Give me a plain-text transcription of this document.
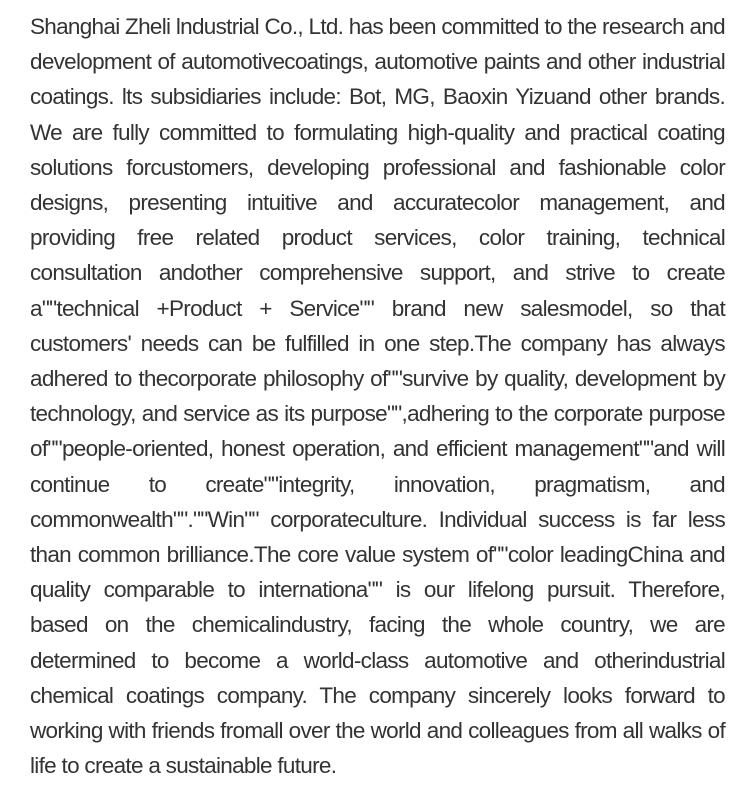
Shanghai Zheli lndustrial Co., Ltd. has been committed to the research and development of automotivecoatings, automotive paints and other industrial coatings. lts subsidiaries include: Bot, MG, Baoxin Yizuand other brands. We are fully committed to formulating high-quality and practical coating solutions forcustomers, developing professional and fashionable color designs, presenting intuitive and accuratecolor management, and providing free related product services, color training, technical consultation andother comprehensive support, and strive to create a""technical +Product + Service"" brand new salesmodel, so that customers' needs can be fulfilled in one step.The company has always adhered to thecorporate philosophy of""survive by quality, development by technology, and service as its purpose"",adhering to the corporate purpose of""people-oriented, honest operation, and efficient management""and will continue to create""integrity, innovation, pragmatism, and commonwealth"".""Win"" corporateculture. Individual success is far less than common brilliance.The core value system of""color leadingChina and quality comparable to internationa"" is our lifelong pursuit. Therefore, based on the chemicalindustry, facing the whole country, we are determined to become a world-class automotive and otherindustrial chemical coatings company. The company sincerely looks forward to working with friends fromall over the world and colleagues from all walks of life to create a sustainable future.
